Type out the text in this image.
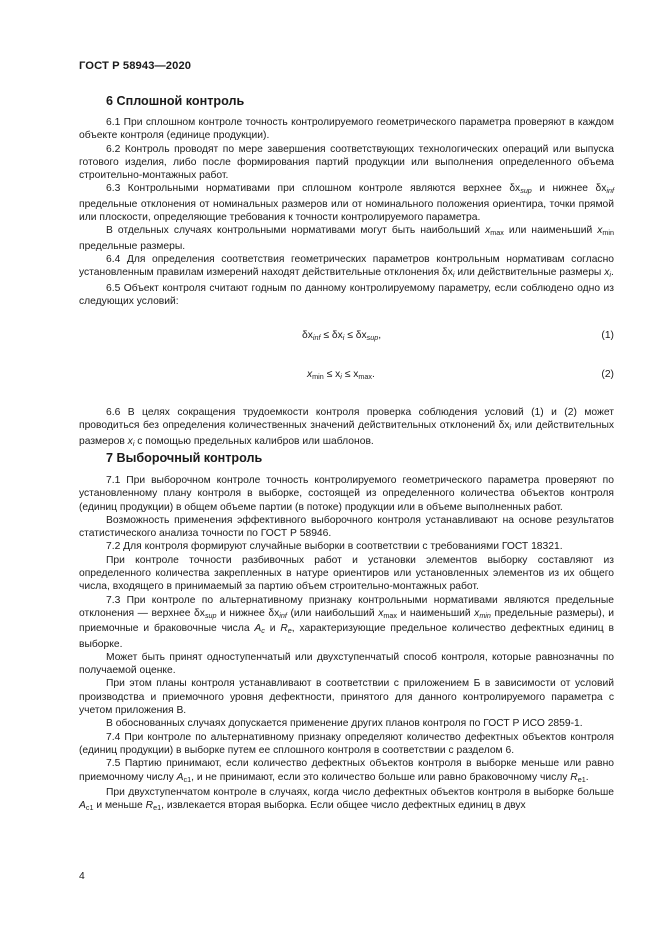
ГОСТ Р 58943—2020
6 Сплошной контроль

6.1 При сплошном контроле точность контролируемого геометрического параметра проверяют в каждом объекте контроля (единице продукции).

6.2 Контроль проводят по мере завершения соответствующих технологических операций или выпуска готового изделия, либо после формирования партий продукции или выполнения определенного объема строительно-монтажных работ.

6.3 Контрольными нормативами при сплошном контроле являются верхнее $\delta x_{sup}$ и нижнее $\delta x_{inf}$ предельные отклонения от номинальных размеров или от номинального положения ориентира, точки прямой или плоскости, определяющие требования к точности контролируемого параметра.

В отдельных случаях контрольными нормативами могут быть наибольший $x_{max}$ или наименьший $x_{min}$ предельные размеры.

6.4 Для определения соответствия геометрических параметров контрольным нормативам согласно установленным правилам измерений находят действительные отклонения $\delta x_i$ или действительные размеры $x_i$.

6.5 Объект контроля считают годным по данному контролируемому параметру, если соблюдено одно из следующих условий:

$\delta x_{inf} \le \delta x_i \le \delta x_{sup}$,	(1)
$x_{min} \le x_i \le x_{max}$.	(2)

6.6 В целях сокращения трудоемкости контроля проверка соблюдения условий (1) и (2) может проводиться без определения количественных значений действительных отклонений $\delta x_i$ или действительных размеров $x_i$ с помощью предельных калибров или шаблонов.

7 Выборочный контроль

7.1 При выборочном контроле точность контролируемого геометрического параметра проверяют по установленному плану контроля в выборке, состоящей из определенного количества объектов контроля (единиц продукции) в общем объеме партии (в потоке) продукции или в объеме выполненных работ.

Возможность применения эффективного выборочного контроля устанавливают на основе результатов статистического анализа точности по ГОСТ Р 58946.

7.2 Для контроля формируют случайные выборки в соответствии с требованиями ГОСТ 18321.

При контроле точности разбивочных работ и установки элементов выборку составляют из определенного количества закрепленных в натуре ориентиров или установленных элементов из их общего числа, входящего в принимаемый за партию объем строительно-монтажных работ.

7.3 При контроле по альтернативному признаку контрольными нормативами являются предельные отклонения — верхнее $\delta x_{sup}$ и нижнее $\delta x_{inf}$ (или наибольший $x_{max}$ и наименьший $x_{min}$ предельные размеры), и приемочные и браковочные числа $A_c$ и $R_e$, характеризующие предельное количество дефектных единиц в выборке.

Может быть принят одноступенчатый или двухступенчатый способ контроля, которые равнозначны по получаемой оценке.

При этом планы контроля устанавливают в соответствии с приложением Б в зависимости от условий производства и приемочного уровня дефектности, принятого для данного контролируемого параметра с учетом приложения В.

В обоснованных случаях допускается применение других планов контроля по ГОСТ Р ИСО 2859-1.

7.4 При контроле по альтернативному признаку определяют количество дефектных объектов контроля (единиц продукции) в выборке путем ее сплошного контроля в соответствии с разделом 6.

7.5 Партию принимают, если количество дефектных объектов контроля в выборке меньше или равно приемочному числу $A_{c1}$, и не принимают, если это количество больше или равно браковочному числу $R_{e1}$.

При двухступенчатом контроле в случаях, когда число дефектных объектов контроля в выборке больше $A_{c1}$ и меньше $R_{e1}$, извлекается вторая выборка. Если общее число дефектных единиц в двух

4
